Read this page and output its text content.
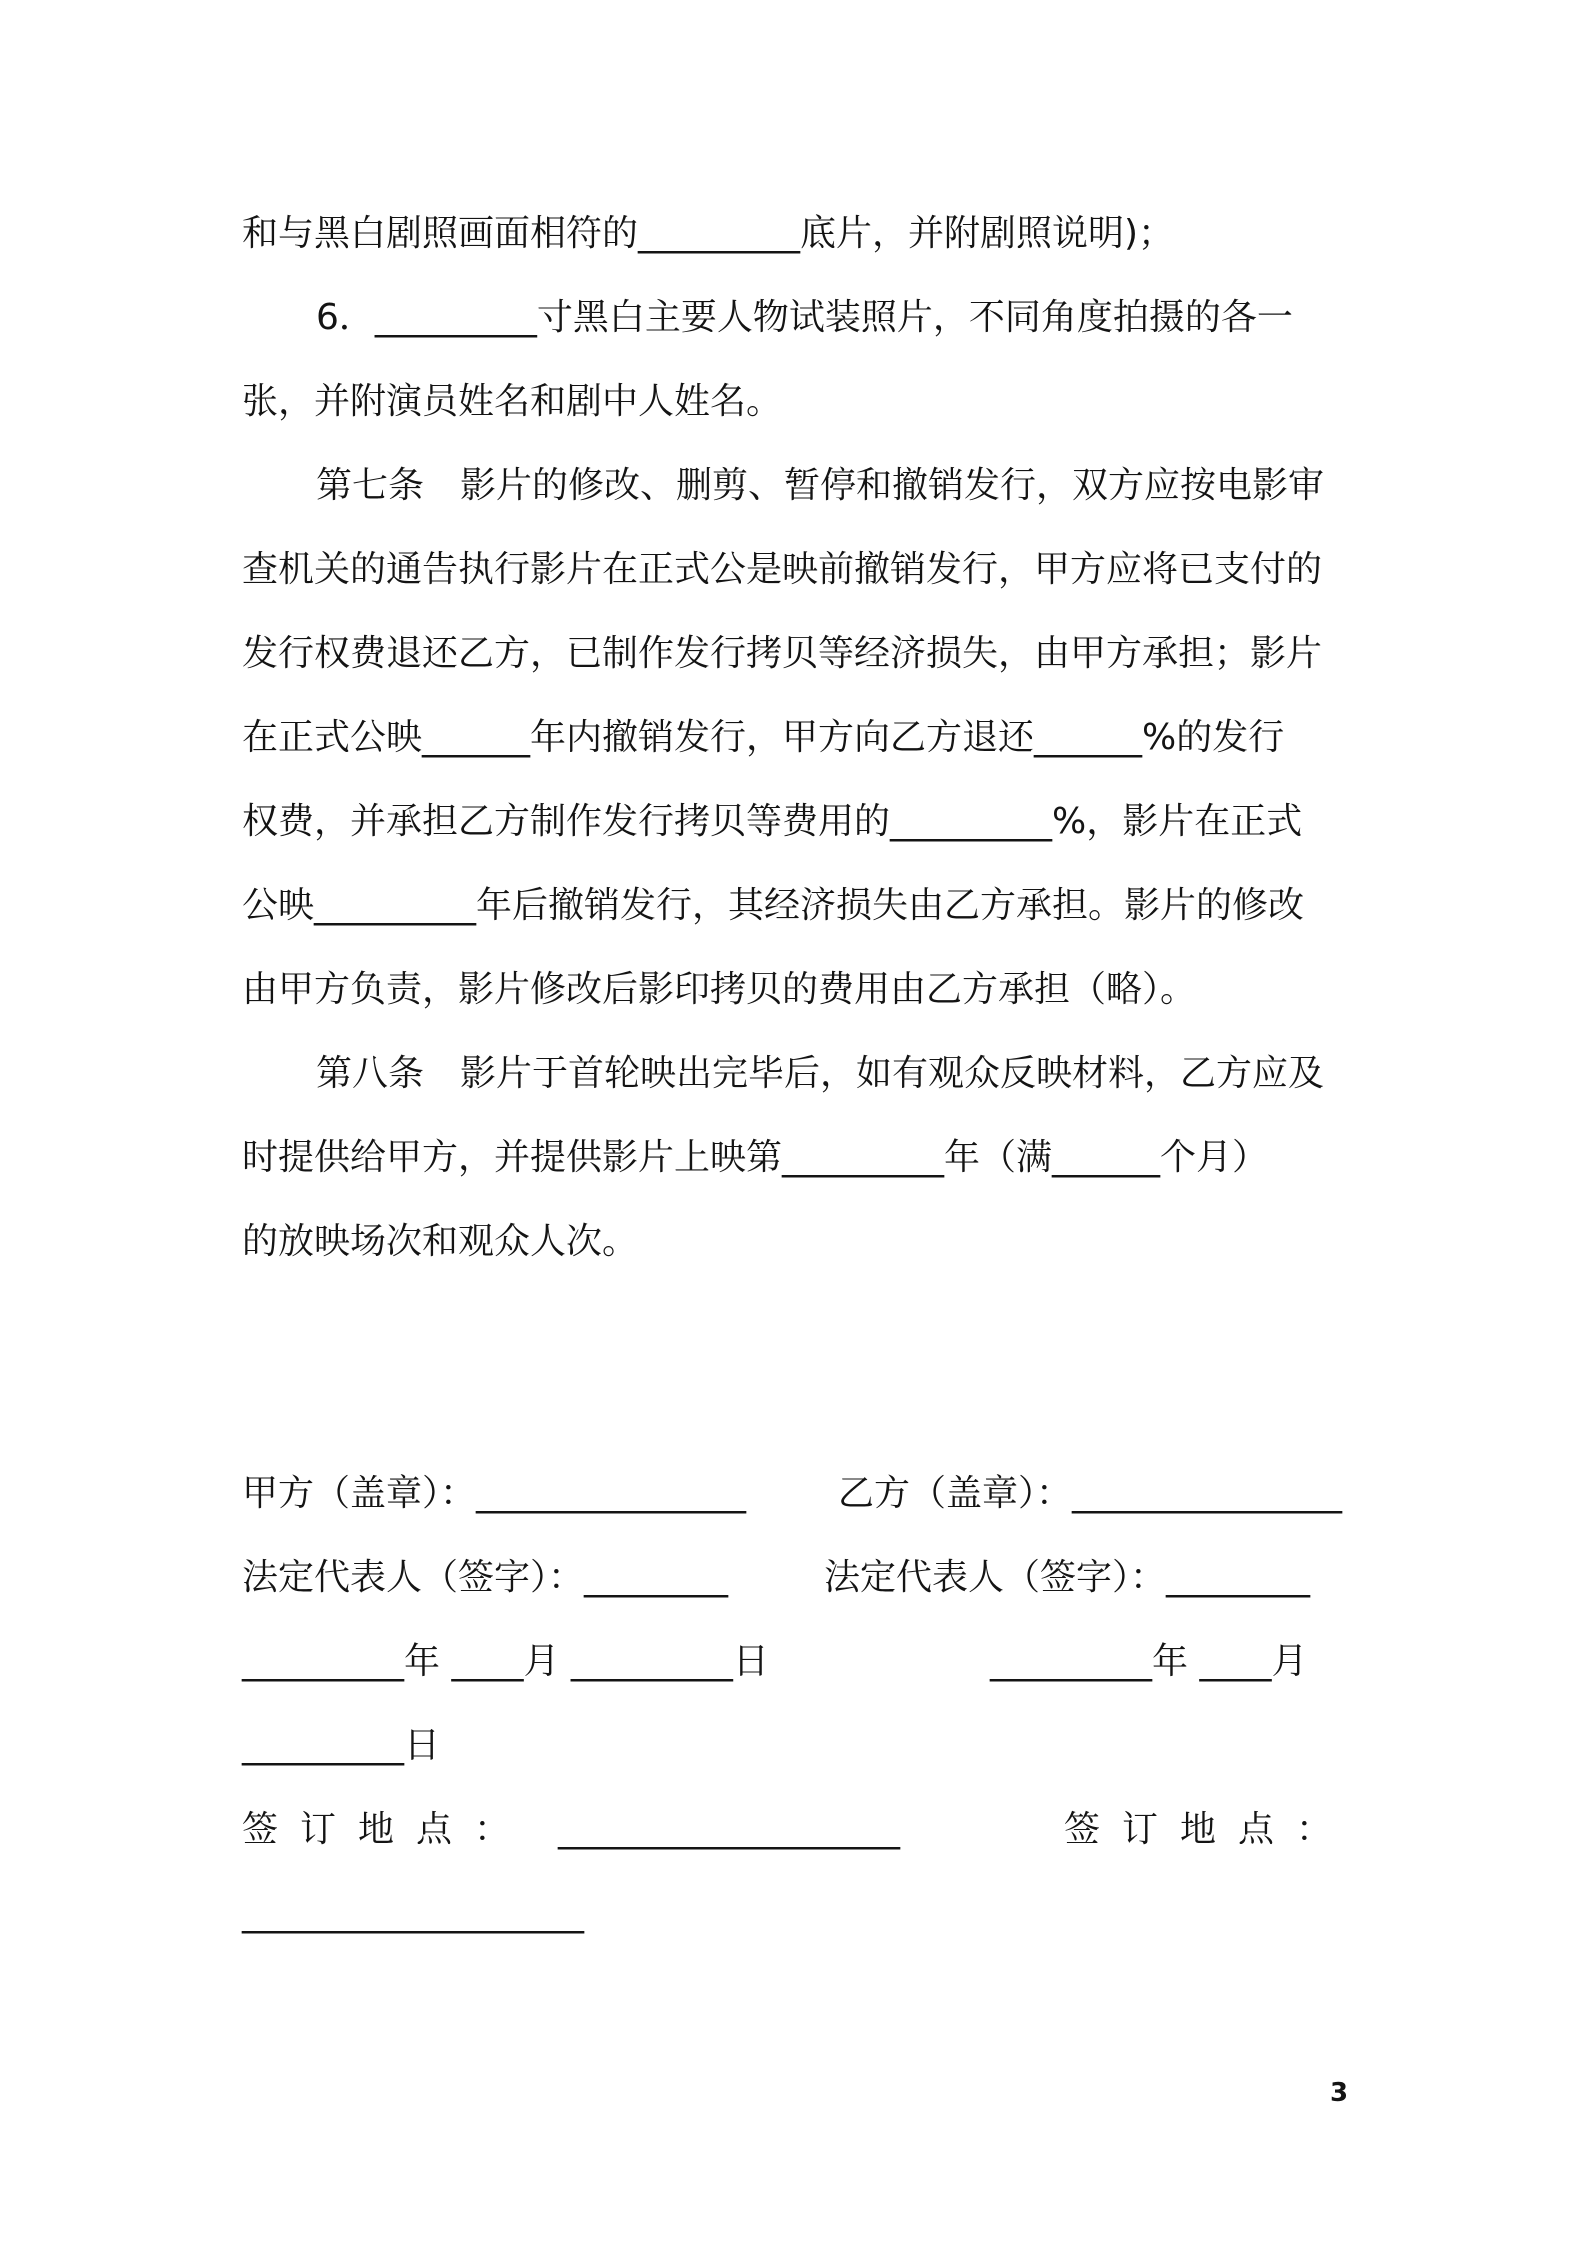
和与黑白剧照画面相符的_________底片，并附剧照说明)；
6．_________寸黑白主要人物试装照片，不同角度拍摄的各一
张，并附演员姓名和剧中人姓名。
第七条　影片的修改、删剪、暂停和撤销发行，双方应按电影审
查机关的通告执行影片在正式公是映前撤销发行，甲方应将已支付的
发行权费退还乙方，已制作发行拷贝等经济损失，由甲方承担；影片
在正式公映______年内撤销发行，甲方向乙方退还______%的发行
权费，并承担乙方制作发行拷贝等费用的_________%，影片在正式
公映_________年后撤销发行，其经济损失由乙方承担。影片的修改
由甲方负责，影片修改后影印拷贝的费用由乙方承担（略）。
第八条　影片于首轮映出完毕后，如有观众反映材料，乙方应及
时提供给甲方，并提供影片上映第_________年（满______个月）
的放映场次和观众人次。
甲方（盖章）：_______________	乙方（盖章）：_______________
法定代表人（签字）：________	法定代表人（签字）：________
_________年 ____月 _________日	_________年 ____月
_________日
签订地点： ___________________	签订地点：
___________________
3
